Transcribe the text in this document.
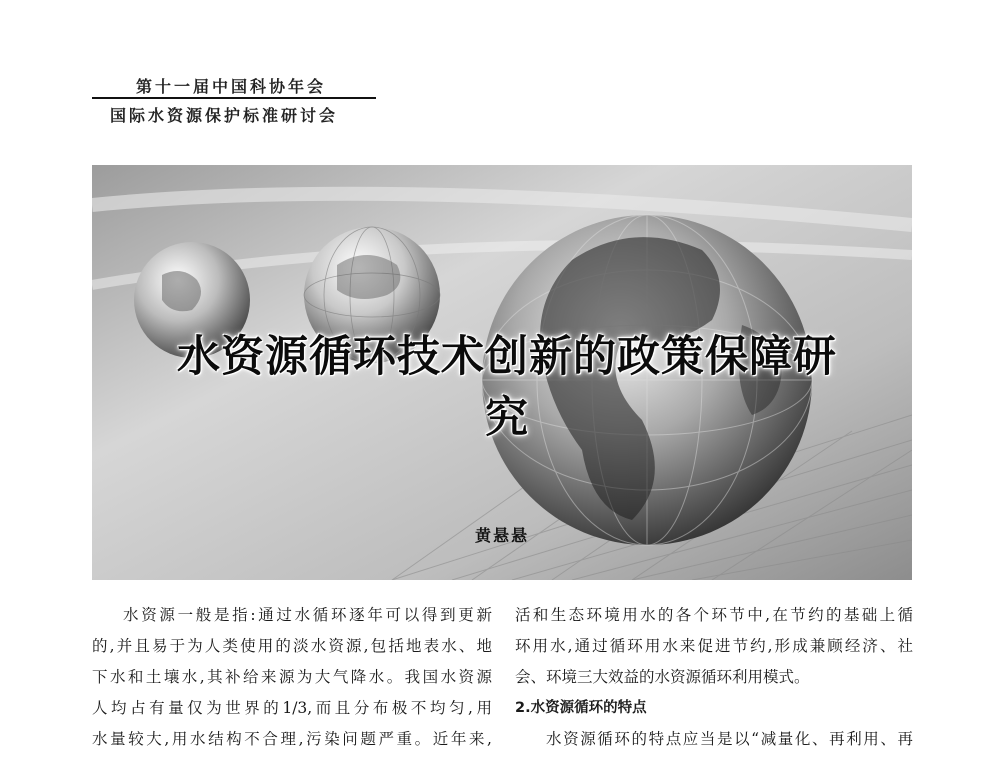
第十一届中国科协年会
国际水资源保护标准研讨会
水资源循环技术创新的政策保障研究
黄悬悬

水资源一般是指:通过水循环逐年可以得到更新

的,并且易于为人类使用的淡水资源,包括地表水、地

下水和土壤水,其补给来源为大气降水。我国水资源

人均占有量仅为世界的1/3,而且分布极不均匀,用

水量较大,用水结构不合理,污染问题严重。近年来,

活和生态环境用水的各个环节中,在节约的基础上循

环用水,通过循环用水来促进节约,形成兼顾经济、社

会、环境三大效益的水资源循环利用模式。

2.水资源循环的特点

水资源循环的特点应当是以“减量化、再利用、再
